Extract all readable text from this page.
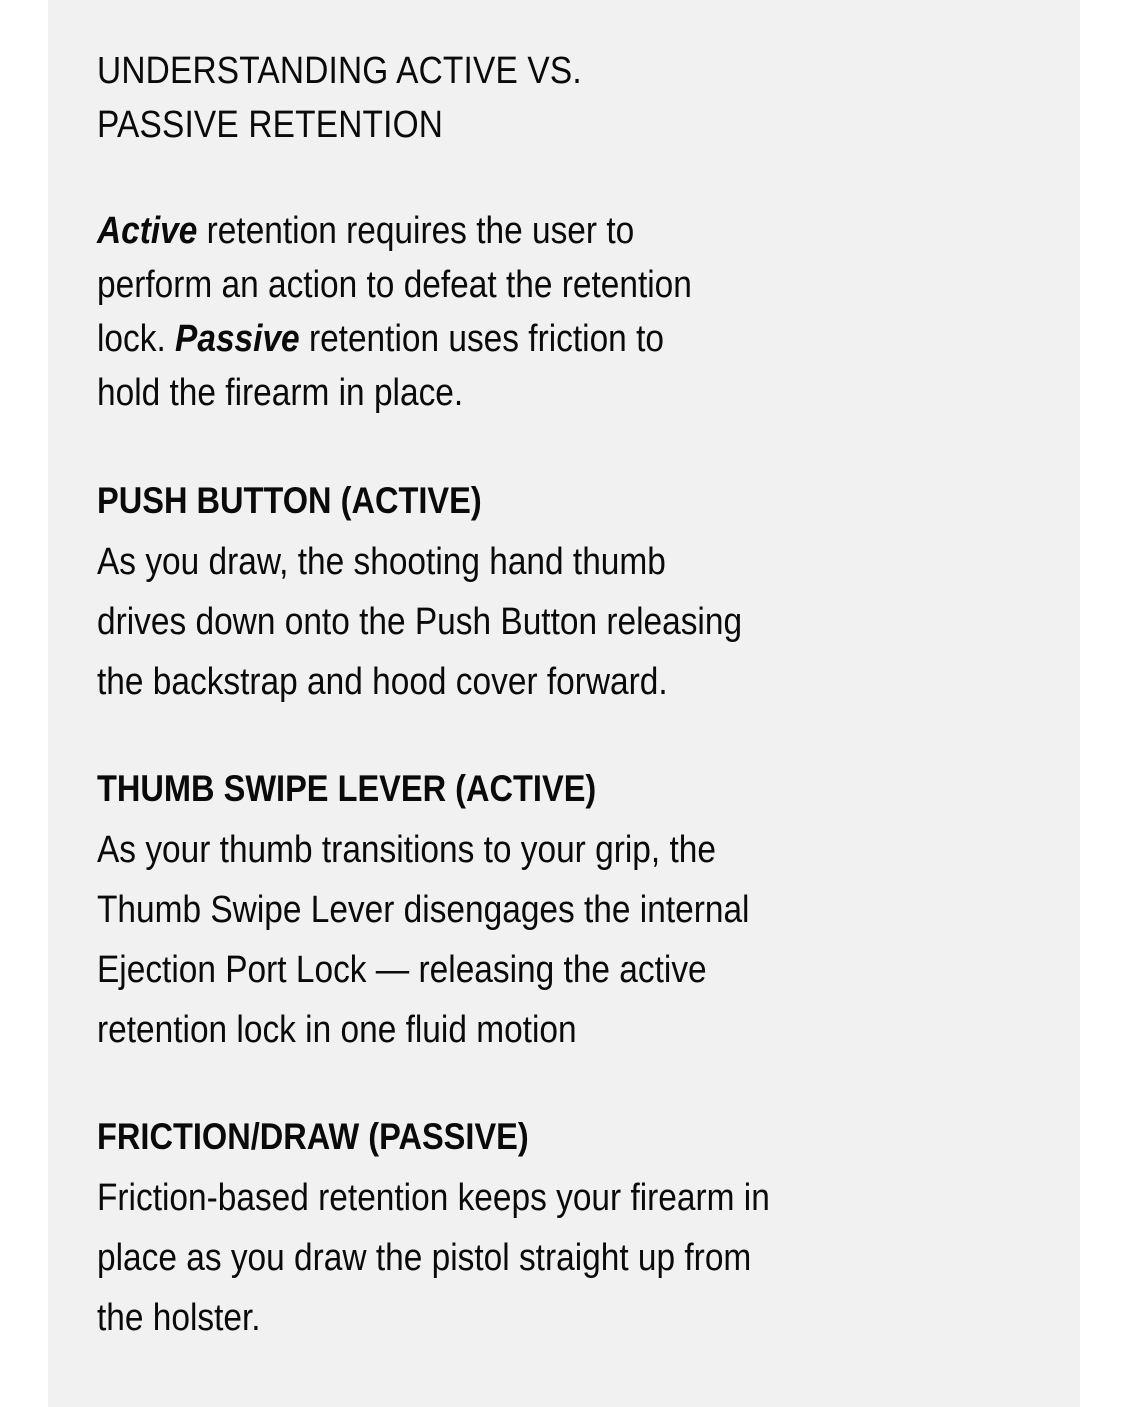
UNDERSTANDING ACTIVE VS.
PASSIVE RETENTION
Active retention requires the user to
perform an action to defeat the retention
lock. Passive retention uses friction to
hold the firearm in place.
PUSH BUTTON (ACTIVE)

As you draw, the shooting hand thumb
drives down onto the Push Button releasing
the backstrap and hood cover forward.

THUMB SWIPE LEVER (ACTIVE)

As your thumb transitions to your grip, the
Thumb Swipe Lever disengages the internal
Ejection Port Lock — releasing the active
retention lock in one fluid motion

FRICTION/DRAW (PASSIVE)

Friction-based retention keeps your firearm in
place as you draw the pistol straight up from
the holster.
